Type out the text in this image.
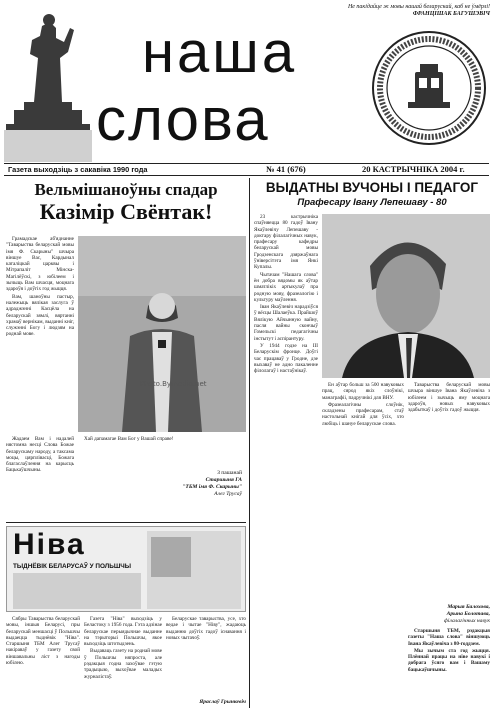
Не пакідайце ж мовы нашай беларускай, каб не ўмёрлі!
ФРАНЦІШАК БАГУШЭВІЧ
наша
слова
Газета выходзіць з сакавіка 1990 года	№ 41 (676)	20 КАСТРЫЧНІКА 2004 г.
Вельмішаноўны спадар
Казімір Свёнтак!

Грамадскае аб'яднанне "Таварыства беларускай мовы імя Ф. Скарыны" шчыра віншуе Вас, Кардынал каталіцкай царквы і Мітрапаліт Мінска-Магілёўскі, з юбілеем і зычыць Вам шчасця, моцнага здароўя і доўгіх год жыцця.

Вам, шаноўны пастыр, належыць вялікая заслуга ў адраджэнні Касцёла на беларускай зямлі, вяртанні храмаў вернікам, выданні кніг, служэнні Богу і людзям на роднай мове.

Жадаем Вам і надалей нястомна несці Слова Божае беларускаму народу, а таксама моцы, цярплівасці, Божага благаслаўлення на карысць Бацькаўшчыны.

Хай дапамагае Вам Бог у Вашай справе!

З пашанай
Старшыня ГА
"ТБМ імя Ф. Скарыны"
Алег Трусаў
ВЫДАТНЫ ВУЧОНЫ І ПЕДАГОГ
Прафесару Івану Лепешаву - 80

23 кастрычніка спаўняецца 80 гадоў Івану Якаўлевічу Лепешаву - доктару філалагічных навук, прафесару кафедры беларускай мовы Гродзенскага дзяржаўнага ўніверсітэта імя Янкі Купалы.

Чытачам "Нашага слова" ён добра вядомы як аўтар шматлікіх артыкулаў пра родную мову, фразеалогію і культуру маўлення.

Іван Якаўлевіч нарадзіўся ў вёсцы Шалаеўка. Прайшоў Вялікую Айчынную вайну, пасля вайны скончыў Гомельскі педагагічны інстытут і аспірантуру.

У 1944 годзе на ІІІ Беларускім фронце. Доўгі час працаваў у Гродне, дзе выхаваў не адно пакаленне філолагаў і настаўнікаў.

Photo.Bymedia.net	Ён аўтар больш за 500 навуковых прац, сярод якіх слоўнікі, манаграфіі, падручнікі для ВНУ.

Фразеалагічны слоўнік, складзены прафесарам, стаў настольнай кнігай для ўсіх, хто любіць і шануе беларускае слова.

Таварыства беларускай мовы шчыра віншуе Івана Якаўлевіча з юбілеем і зычыць яму моцнага здароўя, новых навуковых здабыткаў і доўгіх гадоў жыцця.

Марыя Балохова,
Арына Болотава,
філалагічных навук

Старшыня ТБМ, рэдакцыя газеты "Наша слова" віншуюць Івана Якаўлевіча з 80-годдзем.

Мы зычым ста год жыцця. Плённай працы на ніве навукі і добрага ўсяго вам і Вашаму бацькаўшчыны.

Ніва
ТЫДНЁВІК БЕЛАРУСАЎ У ПОЛЬШЧЫ

Сябры Таварыства беларускай мовы, іншыя Беларусі, пры беларускай меншасці ў Польшчы выдаецца тыднёвік "Ніва". Старшыня ТБМ Алег Трусаў накіраваў у газету свой віншавальны ліст з нагоды юбілею.

Газета "Ніва" выходзіць у Беластоку з 1956 года. Гэта адзінае беларускае перыядычнае выданне на тэрыторыі Польшчы, якое выходзіць штотыдзень.

Выдаваць газету на роднай мове ў Польшчы няпроста, але рэдакцыя годна захоўвае гэтую традыцыю, выхоўвае маладых журналістаў.

Беларускае таварыства, усе, хто ведае і чытае "Ніву", жадаюць выданню доўгіх гадоў існавання і новых чытачоў.

Яраслаў Грынкевіч
